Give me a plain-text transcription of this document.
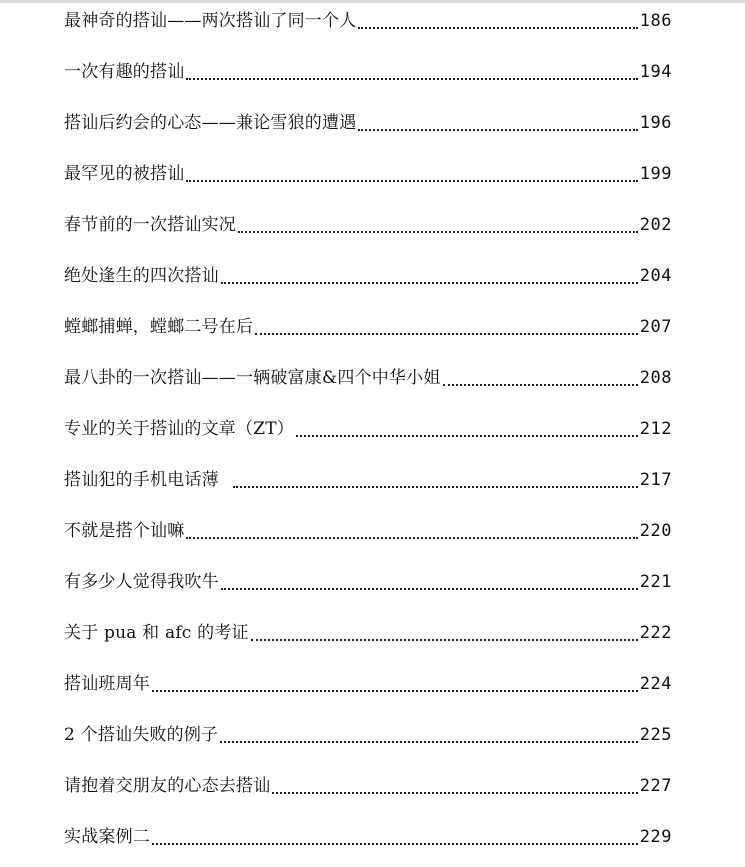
最神奇的搭讪——两次搭讪了同一个人	186
一次有趣的搭讪	194
搭讪后约会的心态——兼论雪狼的遭遇	196
最罕见的被搭讪	199
春节前的一次搭讪实况	202
绝处逢生的四次搭讪	204
螳螂捕蝉，螳螂二号在后	207
最八卦的一次搭讪——一辆破富康&四个中华小姐	208
专业的关于搭讪的文章（ZT）	212
搭讪犯的手机电话薄	217
不就是搭个讪嘛	220
有多少人觉得我吹牛	221
关于 pua 和 afc 的考证	222
搭讪班周年	224
2 个搭讪失败的例子	225
请抱着交朋友的心态去搭讪	227
实战案例二	229
